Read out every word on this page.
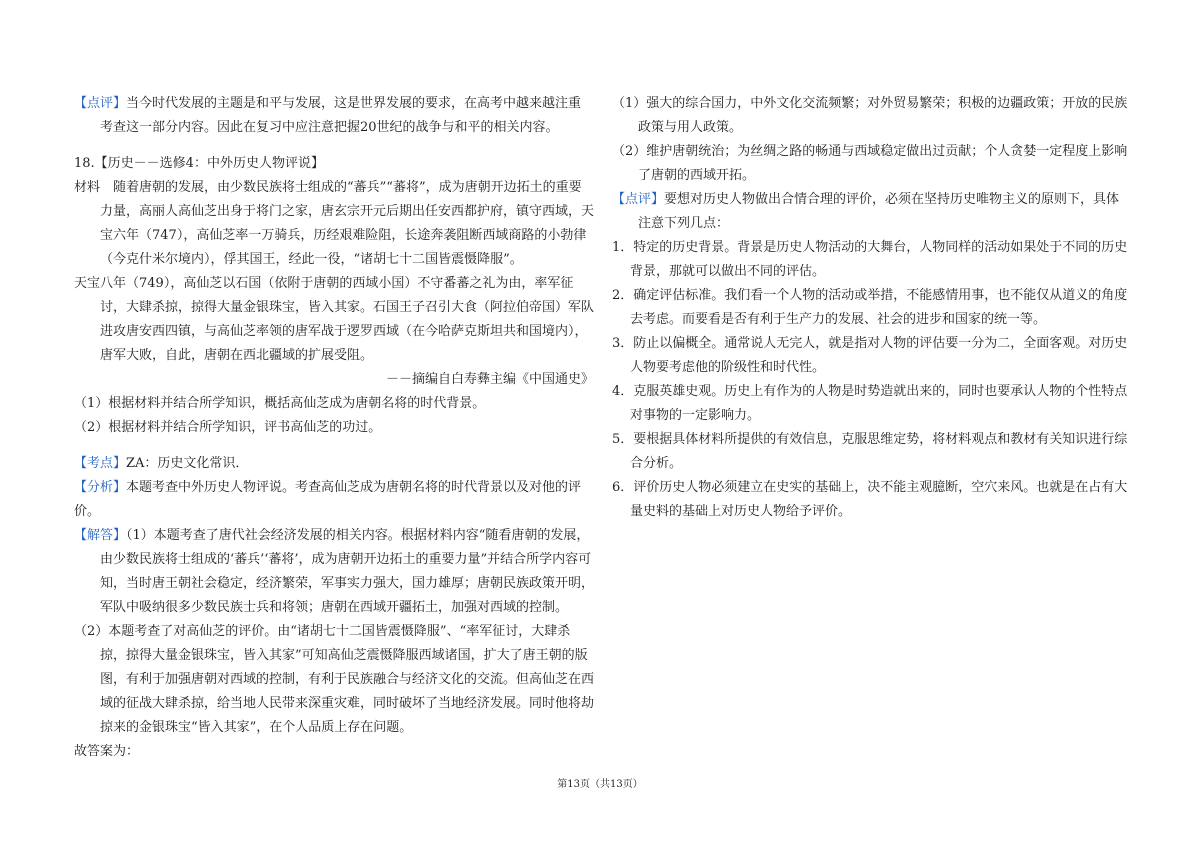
【点评】当今时代发展的主题是和平与发展，这是世界发展的要求，在高考中越来越注重考查这一部分内容。因此在复习中应注意把握20世纪的战争与和平的相关内容。

18.【历史－－选修4：中外历史人物评说】

材料　随着唐朝的发展，由少数民族将士组成的“蕃兵”“蕃将”，成为唐朝开边拓土的重要力量，高丽人高仙芝出身于将门之家，唐玄宗开元后期出任安西都护府，镇守西域，天宝六年（747），高仙芝率一万骑兵，历经艰难险阻，长途奔袭阻断西域商路的小勃律（今克什米尔境内），俘其国王，经此一役，“诸胡七十二国皆震慑降服”。

天宝八年（749），高仙芝以石国（依附于唐朝的西域小国）不守番蕃之礼为由，率军征讨，大肆杀掠，掠得大量金银珠宝，皆入其家。石国王子召引大食（阿拉伯帝国）军队进攻唐安西四镇，与高仙芝率领的唐军战于逻罗西域（在今哈萨克斯坦共和国境内），唐军大败，自此，唐朝在西北疆域的扩展受阻。

－－摘编自白寿彝主编《中国通史》

（1）根据材料并结合所学知识，概括高仙芝成为唐朝名将的时代背景。

（2）根据材料并结合所学知识，评书高仙芝的功过。

【考点】ZA：历史文化常识．

【分析】本题考查中外历史人物评说。考查高仙芝成为唐朝名将的时代背景以及对他的评价。

【解答】（1）本题考查了唐代社会经济发展的相关内容。根据材料内容“随看唐朝的发展，由少数民族将士组成的‘蕃兵’‘蕃将’，成为唐朝开边拓土的重要力量”并结合所学内容可知，当时唐王朝社会稳定，经济繁荣，军事实力强大，国力雄厚；唐朝民族政策开明，军队中吸纳很多少数民族士兵和将领；唐朝在西域开疆拓土，加强对西域的控制。

（2）本题考查了对高仙芝的评价。由“诸胡七十二国皆震慑降服”、“率军征讨，大肆杀掠，掠得大量金银珠宝，皆入其家”可知高仙芝震慑降服西域诸国，扩大了唐王朝的版图，有利于加强唐朝对西域的控制，有利于民族融合与经济文化的交流。但高仙芝在西域的征战大肆杀掠，给当地人民带来深重灾难，同时破坏了当地经济发展。同时他将劫掠来的金银珠宝“皆入其家”，在个人品质上存在问题。

故答案为：

（1）强大的综合国力，中外文化交流频繁；对外贸易繁荣；积极的边疆政策；开放的民族政策与用人政策。

（2）维护唐朝统治；为丝绸之路的畅通与西域稳定做出过贡献；个人贪婪一定程度上影响了唐朝的西域开拓。

【点评】要想对历史人物做出合情合理的评价，必须在坚持历史唯物主义的原则下，具体注意下列几点：

1．特定的历史背景。背景是历史人物活动的大舞台，人物同样的活动如果处于不同的历史背景，那就可以做出不同的评估。

2．确定评估标准。我们看一个人物的活动或举措，不能感情用事，也不能仅从道义的角度去考虑。而要看是否有利于生产力的发展、社会的进步和国家的统一等。

3．防止以偏概全。通常说人无完人，就是指对人物的评估要一分为二，全面客观。对历史人物要考虑他的阶级性和时代性。

4．克服英雄史观。历史上有作为的人物是时势造就出来的，同时也要承认人物的个性特点对事物的一定影响力。

5．要根据具体材料所提供的有效信息，克服思维定势，将材料观点和教材有关知识进行综合分析。

6．评价历史人物必须建立在史实的基础上，决不能主观臆断，空穴来风。也就是在占有大量史料的基础上对历史人物给予评价。

第13页（共13页）
